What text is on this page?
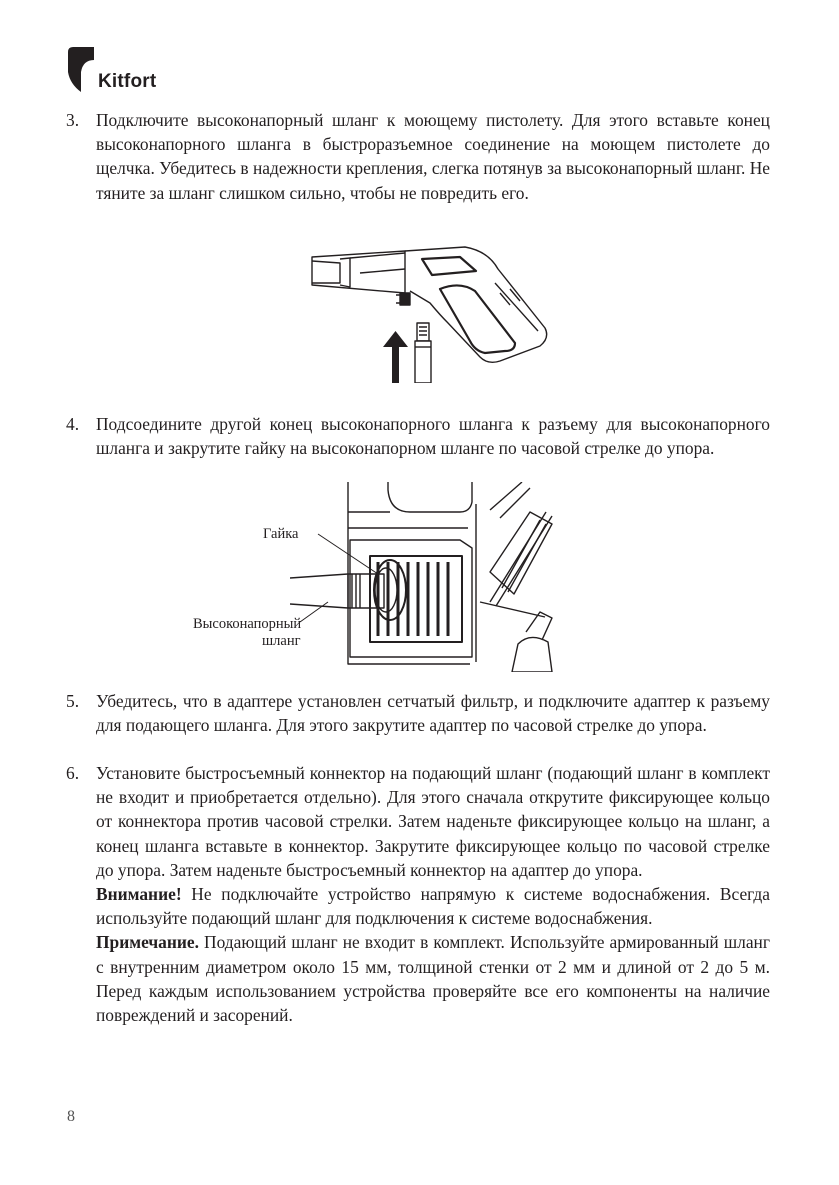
Kitfort
3. Подключите высоконапорный шланг к моющему пистолету. Для этого вставьте конец высоконапорного шланга в быстроразъемное соединение на моющем пистолете до щелчка. Убедитесь в надежности крепления, слегка потянув за высоконапорный шланг. Не тяните за шланг слишком сильно, чтобы не повредить его.

4. Подсоедините другой конец высоконапорного шланга к разъему для высоконапорного шланга и закрутите гайку на высоконапорном шланге по часовой стрелке до упора.

Гайка
Высоконапорный
шланг
5. Убедитесь, что в адаптере установлен сетчатый фильтр, и подключите адаптер к разъему для подающего шланга. Для этого закрутите адаптер по часовой стрелке до упора.

6. Установите быстросъемный коннектор на подающий шланг (подающий шланг в комплект не входит и приобретается отдельно). Для этого сначала открутите фиксирующее кольцо от коннектора против часовой стрелки. Затем наденьте фиксирующее кольцо на шланг, а конец шланга вставьте в коннектор. Закрутите фиксирующее кольцо по часовой стрелке до упора. Затем наденьте быстросъемный коннектор на адаптер до упора.

Внимание! Не подключайте устройство напрямую к системе водоснабжения. Всегда используйте подающий шланг для подключения к системе водоснабжения.

Примечание. Подающий шланг не входит в комплект. Используйте армированный шланг с внутренним диаметром около 15 мм, толщиной стенки от 2 мм и длиной от 2 до 5 м. Перед каждым использованием устройства проверяйте все его компоненты на наличие повреждений и засорений.

8
